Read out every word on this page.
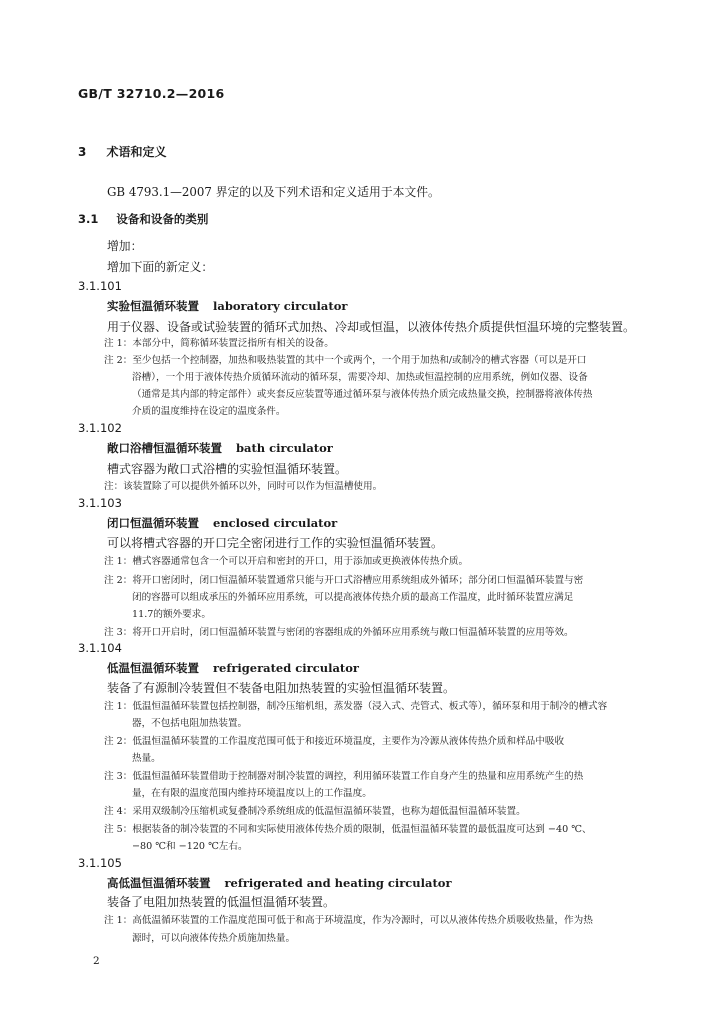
GB/T 32710.2—2016
3 术语和定义
GB 4793.1—2007 界定的以及下列术语和定义适用于本文件。
3.1 设备和设备的类别
增加：
增加下面的新定义：
3.1.101
实验恒温循环装置 laboratory circulator
用于仪器、设备或试验装置的循环式加热、冷却或恒温，以液体传热介质提供恒温环境的完整装置。
注 1：本部分中，简称循环装置泛指所有相关的设备。
注 2：至少包括一个控制器，加热和吸热装置的其中一个或两个，一个用于加热和/或制冷的槽式容器（可以是开口
浴槽），一个用于液体传热介质循环流动的循环泵，需要冷却、加热或恒温控制的应用系统，例如仪器、设备
（通常是其内部的特定部件）或夹套反应装置等通过循环泵与液体传热介质完成热量交换，控制器将液体传热
介质的温度维持在设定的温度条件。
3.1.102
敞口浴槽恒温循环装置 bath circulator
槽式容器为敞口式浴槽的实验恒温循环装置。
注：该装置除了可以提供外循环以外，同时可以作为恒温槽使用。
3.1.103
闭口恒温循环装置 enclosed circulator
可以将槽式容器的开口完全密闭进行工作的实验恒温循环装置。
注 1：槽式容器通常包含一个可以开启和密封的开口，用于添加或更换液体传热介质。
注 2：将开口密闭时，闭口恒温循环装置通常只能与开口式浴槽应用系统组成外循环；部分闭口恒温循环装置与密
闭的容器可以组成承压的外循环应用系统，可以提高液体传热介质的最高工作温度，此时循环装置应满足
11.7的额外要求。
注 3：将开口开启时，闭口恒温循环装置与密闭的容器组成的外循环应用系统与敞口恒温循环装置的应用等效。
3.1.104
低温恒温循环装置 refrigerated circulator
装备了有源制冷装置但不装备电阻加热装置的实验恒温循环装置。
注 1：低温恒温循环装置包括控制器，制冷压缩机组，蒸发器（浸入式、壳管式、板式等），循环泵和用于制冷的槽式容
器，不包括电阻加热装置。
注 2：低温恒温循环装置的工作温度范围可低于和接近环境温度，主要作为冷源从液体传热介质和样品中吸收
热量。
注 3：低温恒温循环装置借助于控制器对制冷装置的调控，利用循环装置工作自身产生的热量和应用系统产生的热
量，在有限的温度范围内维持环境温度以上的工作温度。
注 4：采用双级制冷压缩机或复叠制冷系统组成的低温恒温循环装置，也称为超低温恒温循环装置。
注 5：根据装备的制冷装置的不同和实际使用液体传热介质的限制，低温恒温循环装置的最低温度可达到 −40 ℃、
−80 ℃和 −120 ℃左右。
3.1.105
高低温恒温循环装置 refrigerated and heating circulator
装备了电阻加热装置的低温恒温循环装置。
注 1：高低温循环装置的工作温度范围可低于和高于环境温度，作为冷源时，可以从液体传热介质吸收热量，作为热
源时，可以向液体传热介质施加热量。
2
